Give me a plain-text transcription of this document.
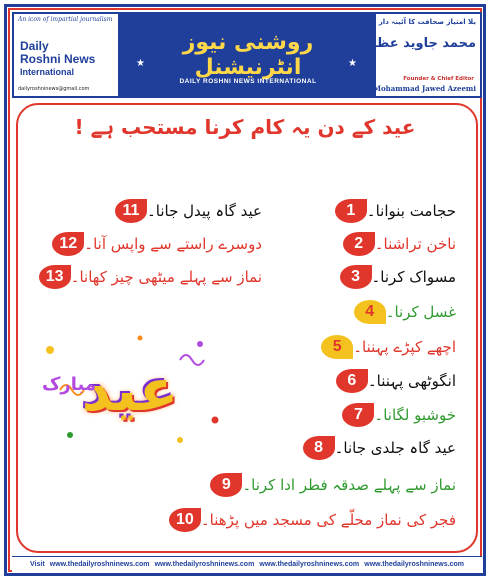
An icon of impartial journalism
Daily
Roshni News
International
dailyroshninews@gmail.com
روشنی نیوز انٹرنیشنل
DAILY ROSHNI NEWS INTERNATIONAL
★	★
بلا امتیاز صحافت کا آئینہ دار
محمد جاوید عظیمی
Founder & Chief Editor
Mohammad Jawed Azeemi
عید کے دن یہ کام کرنا مستحب ہے !
1 حجامت بنوانا۔
2 ناخن تراشنا۔
3 مسواک کرنا۔
4 غسل کرنا۔
5 اچھے کپڑے پہننا۔
6 انگوٹھی پہننا۔
7 خوشبو لگانا۔
8 عید گاہ جلدی جانا۔
9 نماز سے پہلے صدقہ فطر ادا کرنا۔
10 فجر کی نماز محلّے کی مسجد میں پڑھنا۔
11 عید گاہ پیدل جانا۔
12 دوسرے راستے سے واپس آنا۔
13 نماز سے پہلے میٹھی چیز کھانا۔
عید
مبارک
Visit www.thedailyroshninews.com www.thedailyroshninews.com www.thedailyroshninews.com www.thedailyroshninews.com
